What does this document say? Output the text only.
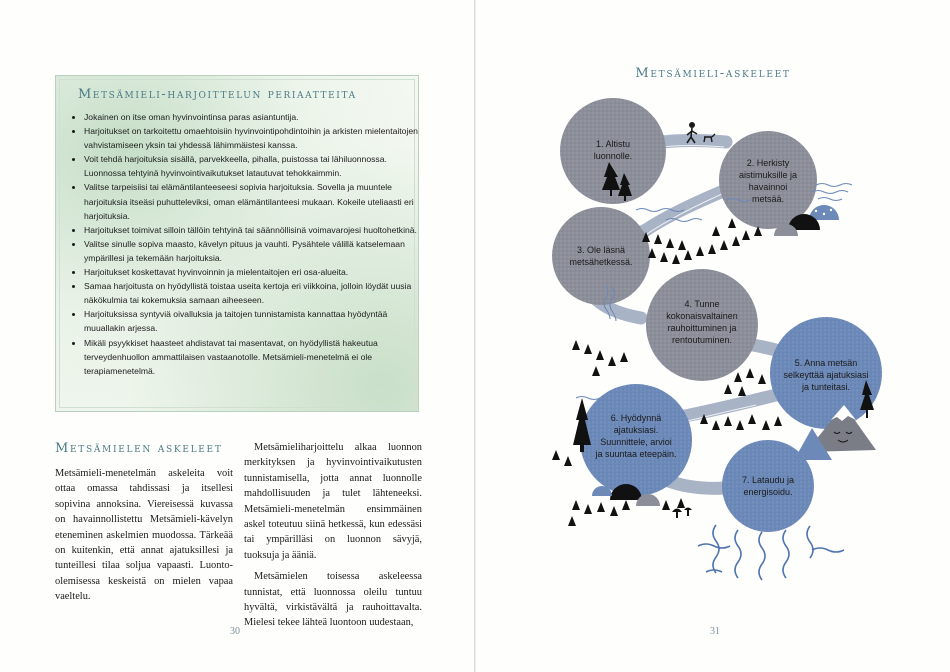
Metsämieli-harjoittelun periaatteita
• Jokainen on itse oman hyvinvointinsa paras asiantuntija.
• Harjoitukset on tarkoitettu omaehtoisiin hyvinvointipohdintoihin ja arkisten mielentaitojen vahvistamiseen yksin tai yhdessä lähimmäistesi kanssa.
• Voit tehdä harjoituksia sisällä, parvekkeella, pihalla, puistossa tai lähiluonnossa. Luonnossa tehtyinä hyvinvointivaikutukset latautuvat tehokkaimmin.
• Valitse tarpeisiisi tai elämäntilanteeseesi sopivia harjoituksia. Sovella ja muuntele harjoituksia itseäsi puhutteleviksi, oman elämäntilanteesi mukaan. Kokeile uteliaasti eri harjoituksia.
• Harjoitukset toimivat silloin tällöin tehtyinä tai säännöllisinä voimavarojesi huoltohetkinä.
• Valitse sinulle sopiva maasto, kävelyn pituus ja vauhti. Pysähtele välillä katselemaan ympärillesi ja tekemään harjoituksia.
• Harjoitukset koskettavat hyvinvoinnin ja mielentaitojen eri osa-alueita.
• Samaa harjoitusta on hyödyllistä toistaa useita kertoja eri viikkoina, jolloin löydät uusia näkökulmia tai kokemuksia samaan aiheeseen.
• Harjoituksissa syntyviä oivalluksia ja taitojen tunnistamista kannattaa hyödyntää muuallakin arjessa.
• Mikäli psyykkiset haasteet ahdistavat tai masentavat, on hyödyllistä hakeutua terveydenhuollon ammattilaisen vastaanotolle. Metsämieli-menetelmä ei ole terapiamenetelmä.
Metsämielen askeleet

Metsämieli-menetelmän askeleita voit ottaa omassa tahdissasi ja itsellesi sopivina annoksina. Viereisessä kuvassa on havainnollistettu Metsämieli-kävelyn eteneminen askelmien muodossa. Tärkeää on kuitenkin, että annat ajatuksillesi ja tunteillesi tilaa soljua vapaasti. Luonto-olemisessa keskeistä on mielen vapaa vaeltelu.

Metsämieliharjoittelu alkaa luonnon merkityksen ja hyvinvointivaikutusten tunnistamisella, jotta annat luonnolle mahdollisuuden ja tulet lähteneeksi. Metsämieli-menetelmän ensimmäinen askel toteutuu siinä hetkessä, kun edessäsi tai ympärilläsi on luonnon sävyjä, tuoksuja ja ääniä.

Metsämielen toisessa askeleessa tunnistat, että luonnossa oleilu tuntuu hyvältä, virkistävältä ja rauhoittavalta. Mielesi tekee lähteä luontoon uudestaan,

30
Metsämieli-askeleet
1. Altistu
luonnolle.
2. Herkisty
aistimuksille ja
havainnoi
metsää.
3. Ole läsnä
metsähetkessä.
4. Tunne
kokonaisvaltainen
rauhoittuminen ja
rentoutuminen.
5. Anna metsän
selkeyttää ajatuksiasi
ja tunteitasi.
6. Hyödynnä
ajatuksiasi.
Suunnittele, arvioi
ja suuntaa eteepäin.
7. Lataudu ja
energisoidu.
31
